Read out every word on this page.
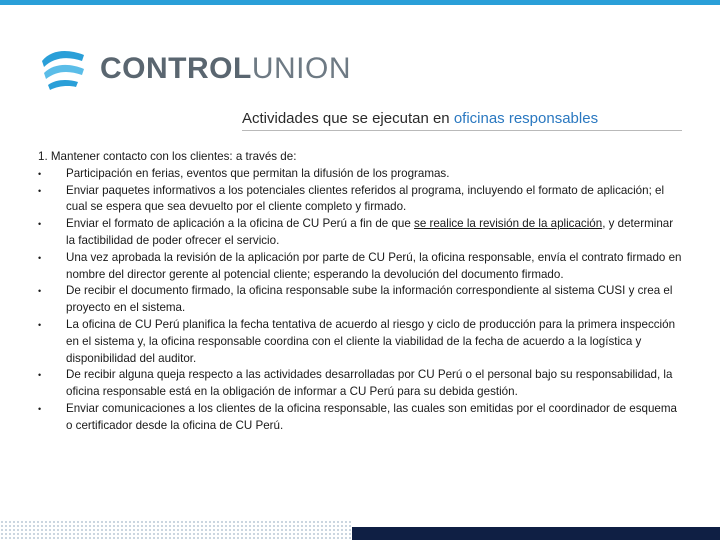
CONTROL UNION
Actividades que se ejecutan en oficinas responsables

1. Mantener contacto con los clientes: a través de:

•	Participación en ferias, eventos que permitan la difusión de los programas.
•	Enviar paquetes informativos a los potenciales clientes referidos al programa, incluyendo el formato de aplicación; el cual se espera que sea devuelto por el cliente completo y firmado.
•	Enviar el formato de aplicación a la oficina de CU Perú a fin de que se realice la revisión de la aplicación, y determinar la factibilidad de poder ofrecer el servicio.
•	Una vez aprobada la revisión de la aplicación por parte de CU Perú, la oficina responsable, envía el contrato firmado en nombre del director gerente al potencial cliente; esperando la devolución del documento firmado.
•	De recibir el documento firmado, la oficina responsable sube la información correspondiente al sistema CUSI y crea el proyecto en el sistema.
•	La oficina de CU Perú planifica la fecha tentativa de acuerdo al riesgo y ciclo de producción para la primera inspección en el sistema y, la oficina responsable coordina con el cliente la viabilidad de la fecha de acuerdo a la logística y disponibilidad del auditor.
•	De recibir alguna queja respecto a las actividades desarrolladas por CU Perú o el personal bajo su responsabilidad, la oficina responsable está en la obligación de informar a CU Perú para su debida gestión.
•	Enviar comunicaciones a los clientes de la oficina responsable, las cuales son emitidas por el coordinador de esquema o certificador desde la oficina de CU Perú.
